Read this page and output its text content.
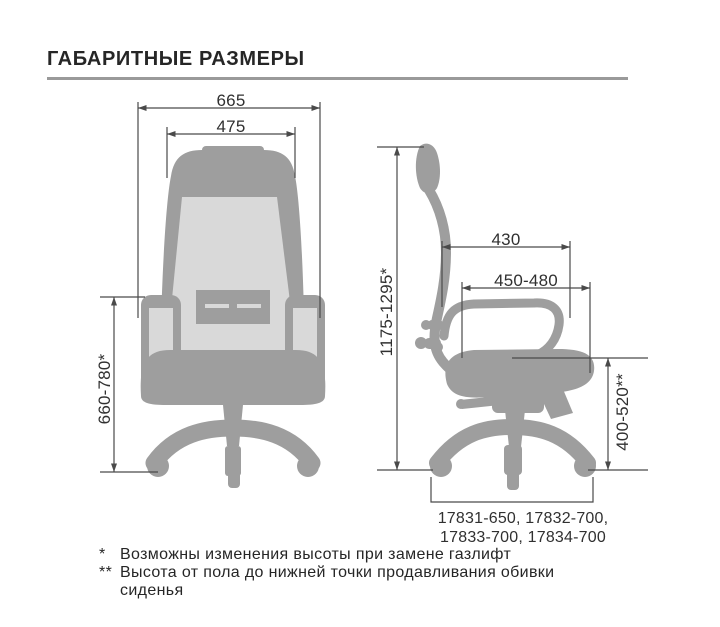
ГАБАРИТНЫЕ РАЗМЕРЫ
665
475
660-780*
1175-1295*
430
450-480
400-520**
17831-650, 17832-700,
17833-700, 17834-700
* Возможны изменения высоты при замене газлифт
** Высота от пола до нижней точки продавливания обивки
сиденья
